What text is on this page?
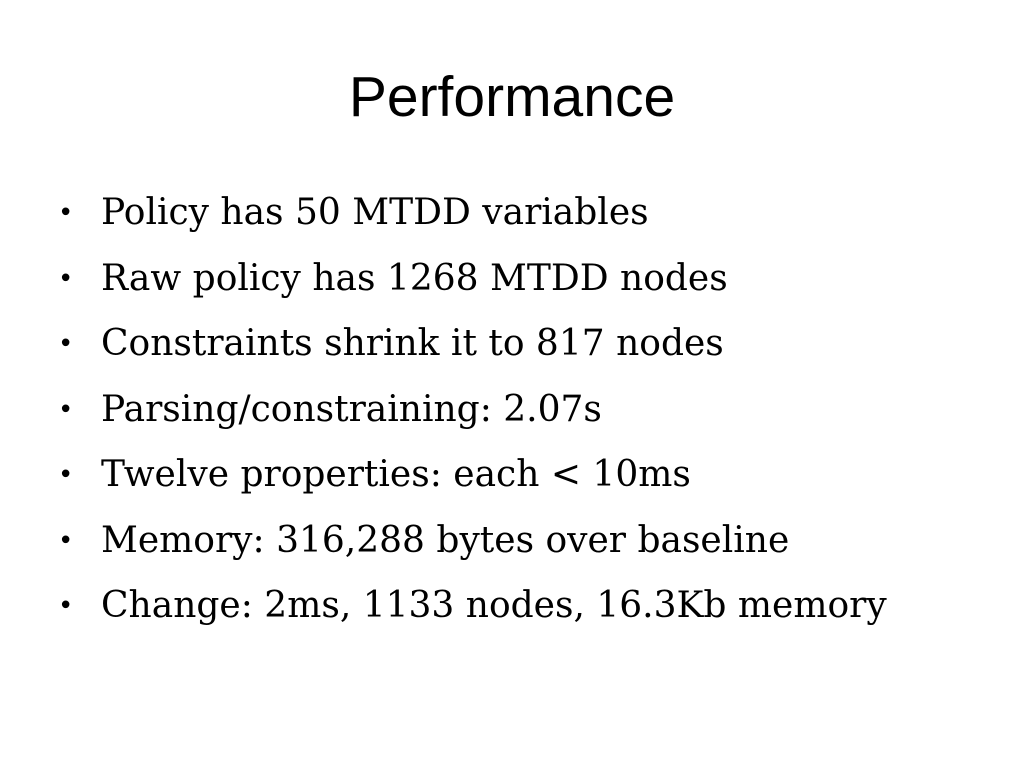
Performance
• Policy has 50 MTDD variables
• Raw policy has 1268 MTDD nodes
• Constraints shrink it to 817 nodes
• Parsing/constraining: 2.07s
• Twelve properties: each < 10ms
• Memory: 316,288 bytes over baseline
• Change: 2ms, 1133 nodes, 16.3Kb memory
